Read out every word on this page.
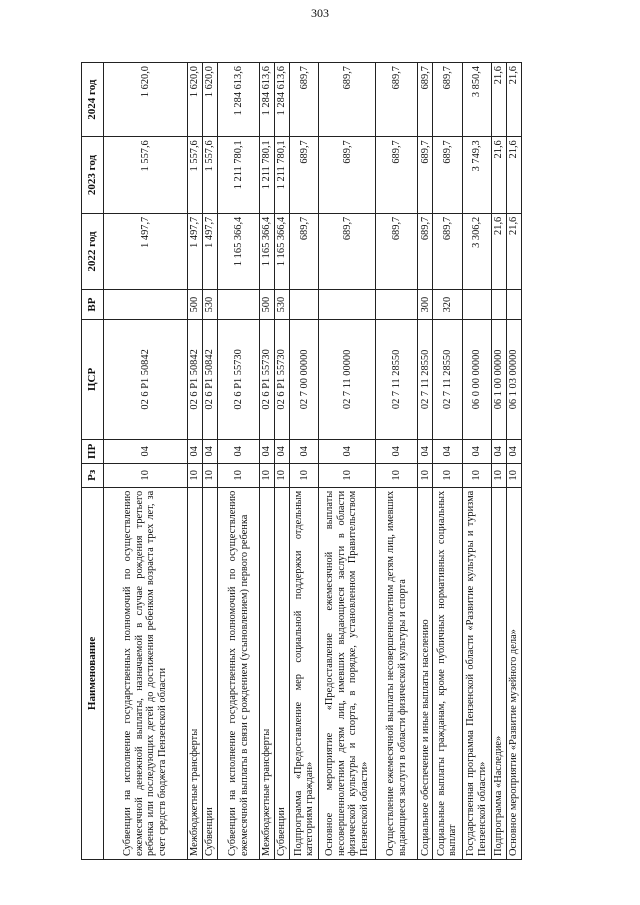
303
Наименование	Рз	ПР	ЦСР	ВР	2022 год	2023 год	2024 год
Субвенции на исполнение государственных полномочий по осуществлению ежемесячной денежной выплаты, назначаемой в случае рождения третьего ребенка или последующих детей до достижения ребенком возраста трех лет, за счет средств бюджета Пензенской области	10	04	02 6 P1 50842		1 497,7	1 557,6	1 620,0
Межбюджетные трансферты	10	04	02 6 P1 50842	500	1 497,7	1 557,6	1 620,0
Субвенции	10	04	02 6 P1 50842	530	1 497,7	1 557,6	1 620,0
Субвенции на исполнение государственных полномочий по осуществлению ежемесячной выплаты в связи с рождением (усыновлением) первого ребенка	10	04	02 6 P1 55730		1 165 366,4	1 211 780,1	1 284 613,6
Межбюджетные трансферты	10	04	02 6 P1 55730	500	1 165 366,4	1 211 780,1	1 284 613,6
Субвенции	10	04	02 6 P1 55730	530	1 165 366,4	1 211 780,1	1 284 613,6
Подпрограмма «Предоставление мер социальной поддержки отдельным категориям граждан»	10	04	02 7 00 00000		689,7	689,7	689,7
Основное мероприятие «Предоставление ежемесячной выплаты несовершеннолетним детям лиц, имевших выдающиеся заслуги в области физической культуры и спорта, в порядке, установленном Правительством Пензенской области»	10	04	02 7 11 00000		689,7	689,7	689,7
Осуществление ежемесячной выплаты несовершеннолетним детям лиц, имевших выдающиеся заслуги в области физической культуры и спорта	10	04	02 7 11 28550		689,7	689,7	689,7
Социальное обеспечение и иные выплаты населению	10	04	02 7 11 28550	300	689,7	689,7	689,7
Социальные выплаты гражданам, кроме публичных нормативных социальных выплат	10	04	02 7 11 28550	320	689,7	689,7	689,7
Государственная программа Пензенской области «Развитие культуры и туризма Пензенской области»	10	04	06 0 00 00000		3 306,2	3 749,3	3 850,4
Подпрограмма «Наследие»	10	04	06 1 00 00000		21,6	21,6	21,6
Основное мероприятие «Развитие музейного дела»	10	04	06 1 03 00000		21,6	21,6	21,6
